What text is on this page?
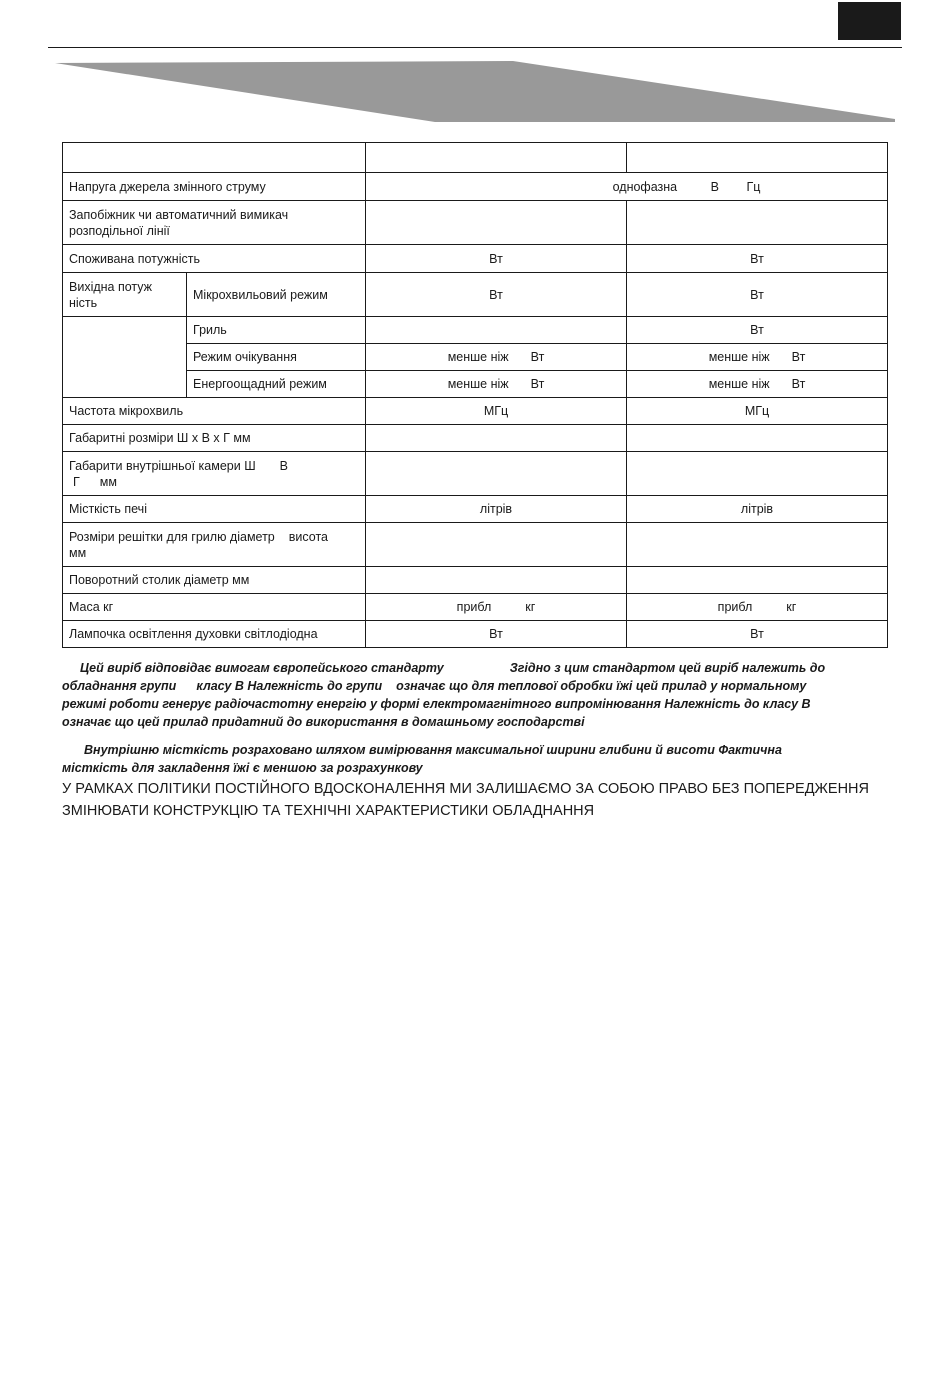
Напруга джерела змінного струму		однофазна В Гц	
Запобіжник чи автоматичний вимикач розподільної лінії			
Споживана потужність		Вт	Вт
Вихідна потуж ність	Мікрохвильовий режим	Вт	Вт
	Гриль		Вт
	Режим очікування	менше ніж Вт	менше ніж Вт
	Енергоощадний режим	менше ніж Вт	менше ніж Вт
Частота мікрохвиль		МГц	МГц
Габаритні розміри Ш х В х Г мм			
Габарити внутрішньої камери Ш В
Г мм			
Місткість печі		літрів	літрів
Розміри решітки для грилю діаметр висота
мм			
Поворотний столик діаметр мм			
Маса кг		прибл кг	прибл кг
Лампочка освітлення духовки світлодіодна		Вт	Вт
Цей виріб відповідає вимогам європейського стандарту	Згідно з цим стандартом цей виріб належить до
обладнання групи класу В Належність до групи означає що для теплової обробки їжі цей прилад у нормальному
режимі роботи генерує радіочастотну енергію у формі електромагнітного випромінювання Належність до класу В
означає що цей прилад придатний до використання в домашньому господарстві
Внутрішню місткість розраховано шляхом вимірювання максимальної ширини глибини й висоти Фактична
місткість для закладення їжі є меншою за розрахункову
У РАМКАХ ПОЛІТИКИ ПОСТІЙНОГО ВДОСКОНАЛЕННЯ МИ ЗАЛИШАЄМО ЗА СОБОЮ ПРАВО БЕЗ ПОПЕРЕДЖЕННЯ
ЗМІНЮВАТИ КОНСТРУКЦІЮ ТА ТЕХНІЧНІ ХАРАКТЕРИСТИКИ ОБЛАДНАННЯ
